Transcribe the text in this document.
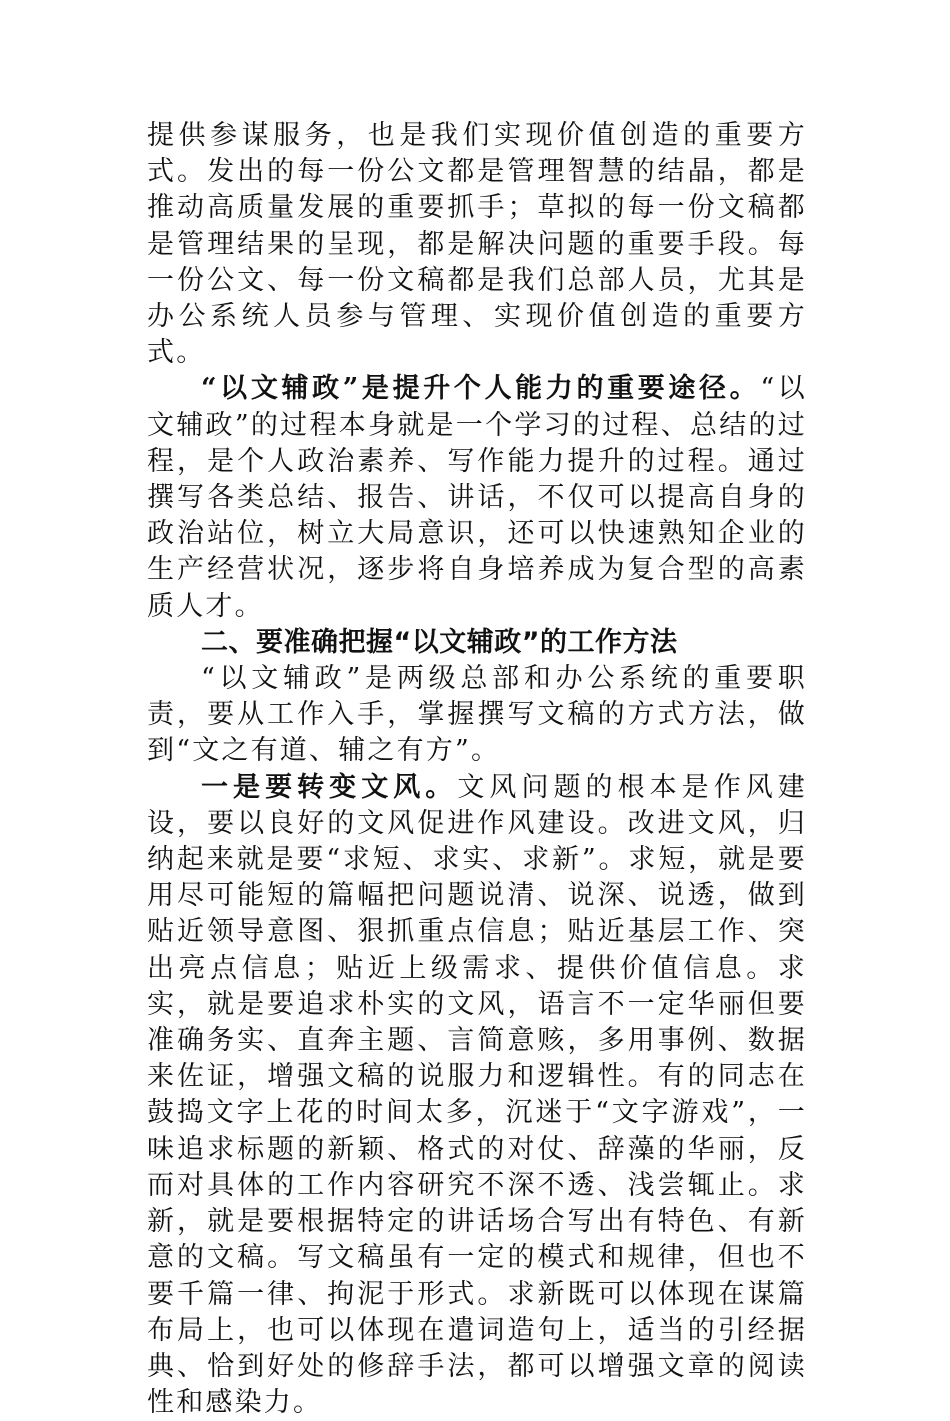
提供参谋服务，也是我们实现价值创造的重要方式。发出的每一份公文都是管理智慧的结晶，都是推动高质量发展的重要抓手；草拟的每一份文稿都是管理结果的呈现，都是解决问题的重要手段。每一份公文、每一份文稿都是我们总部人员，尤其是办公系统人员参与管理、实现价值创造的重要方式。

“以文辅政”是提升个人能力的重要途径。“以文辅政”的过程本身就是一个学习的过程、总结的过程，是个人政治素养、写作能力提升的过程。通过撰写各类总结、报告、讲话，不仅可以提高自身的政治站位，树立大局意识，还可以快速熟知企业的生产经营状况，逐步将自身培养成为复合型的高素质人才。

二、要准确把握“以文辅政”的工作方法

“以文辅政”是两级总部和办公系统的重要职责，要从工作入手，掌握撰写文稿的方式方法，做到“文之有道、辅之有方”。

一是要转变文风。文风问题的根本是作风建设，要以良好的文风促进作风建设。改进文风，归纳起来就是要“求短、求实、求新”。求短，就是要用尽可能短的篇幅把问题说清、说深、说透，做到贴近领导意图、狠抓重点信息；贴近基层工作、突出亮点信息；贴近上级需求、提供价值信息。求实，就是要追求朴实的文风，语言不一定华丽但要准确务实、直奔主题、言简意赅，多用事例、数据来佐证，增强文稿的说服力和逻辑性。有的同志在鼓捣文字上花的时间太多，沉迷于“文字游戏”，一味追求标题的新颖、格式的对仗、辞藻的华丽，反而对具体的工作内容研究不深不透、浅尝辄止。求新，就是要根据特定的讲话场合写出有特色、有新意的文稿。写文稿虽有一定的模式和规律，但也不要千篇一律、拘泥于形式。求新既可以体现在谋篇布局上，也可以体现在遣词造句上，适当的引经据典、恰到好处的修辞手法，都可以增强文章的阅读性和感染力。
